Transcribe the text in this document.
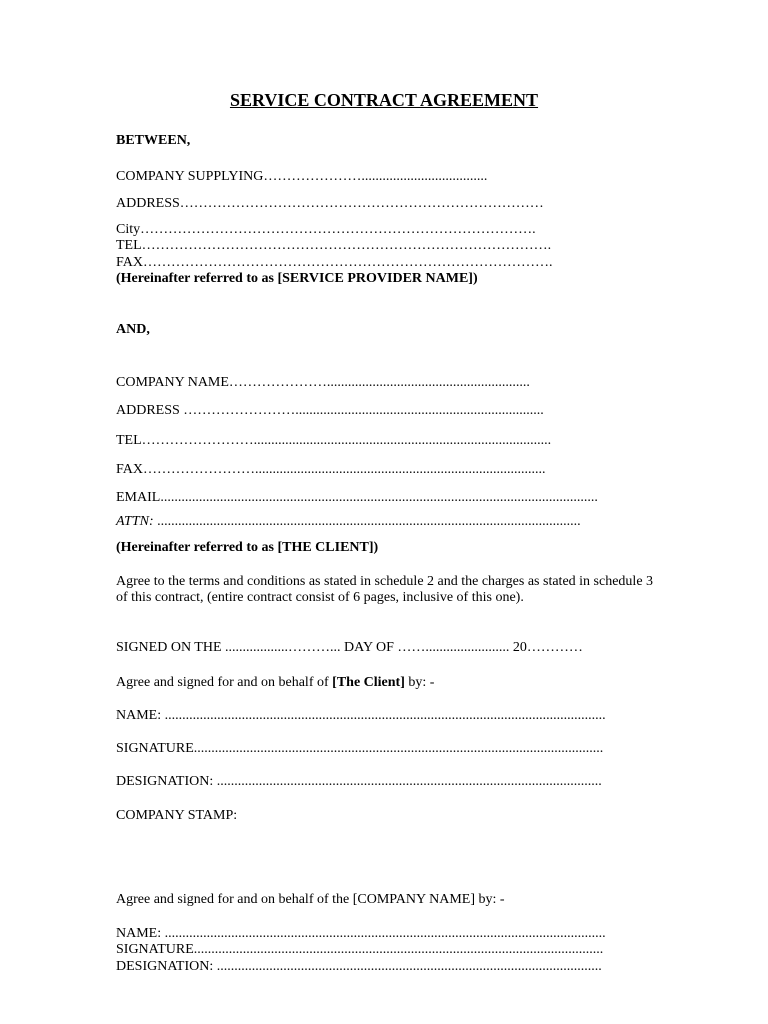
SERVICE CONTRACT AGREEMENT
BETWEEN,
COMPANY SUPPLYING…………………....................................
ADDRESS……………………………………………………………………
City………………………………………………………………………….
TEL…………………………………………………………………………….
FAX…………………………………………………………………………….
(Hereinafter referred to as [SERVICE PROVIDER NAME])
AND,
COMPANY NAME…………………..........................................................
ADDRESS …………………….......................................................................
TEL…………………….....................................................................................
FAX……………………...................................................................................
EMAIL.............................................................................................................................
ATTN: .........................................................................................................................
(Hereinafter referred to as [THE CLIENT])
Agree to the terms and conditions as stated in schedule 2 and the charges as stated in schedule 3 of this contract, (entire contract consist of 6 pages, inclusive of this one).
SIGNED ON THE ..................………... DAY OF ……........................ 20…………
Agree and signed for and on behalf of [The Client] by: -
NAME: ..............................................................................................................................
SIGNATURE.....................................................................................................................
DESIGNATION: ..............................................................................................................
COMPANY STAMP:
Agree and signed for and on behalf of the [COMPANY NAME] by: -
NAME: ..............................................................................................................................
SIGNATURE.....................................................................................................................
DESIGNATION: ..............................................................................................................
